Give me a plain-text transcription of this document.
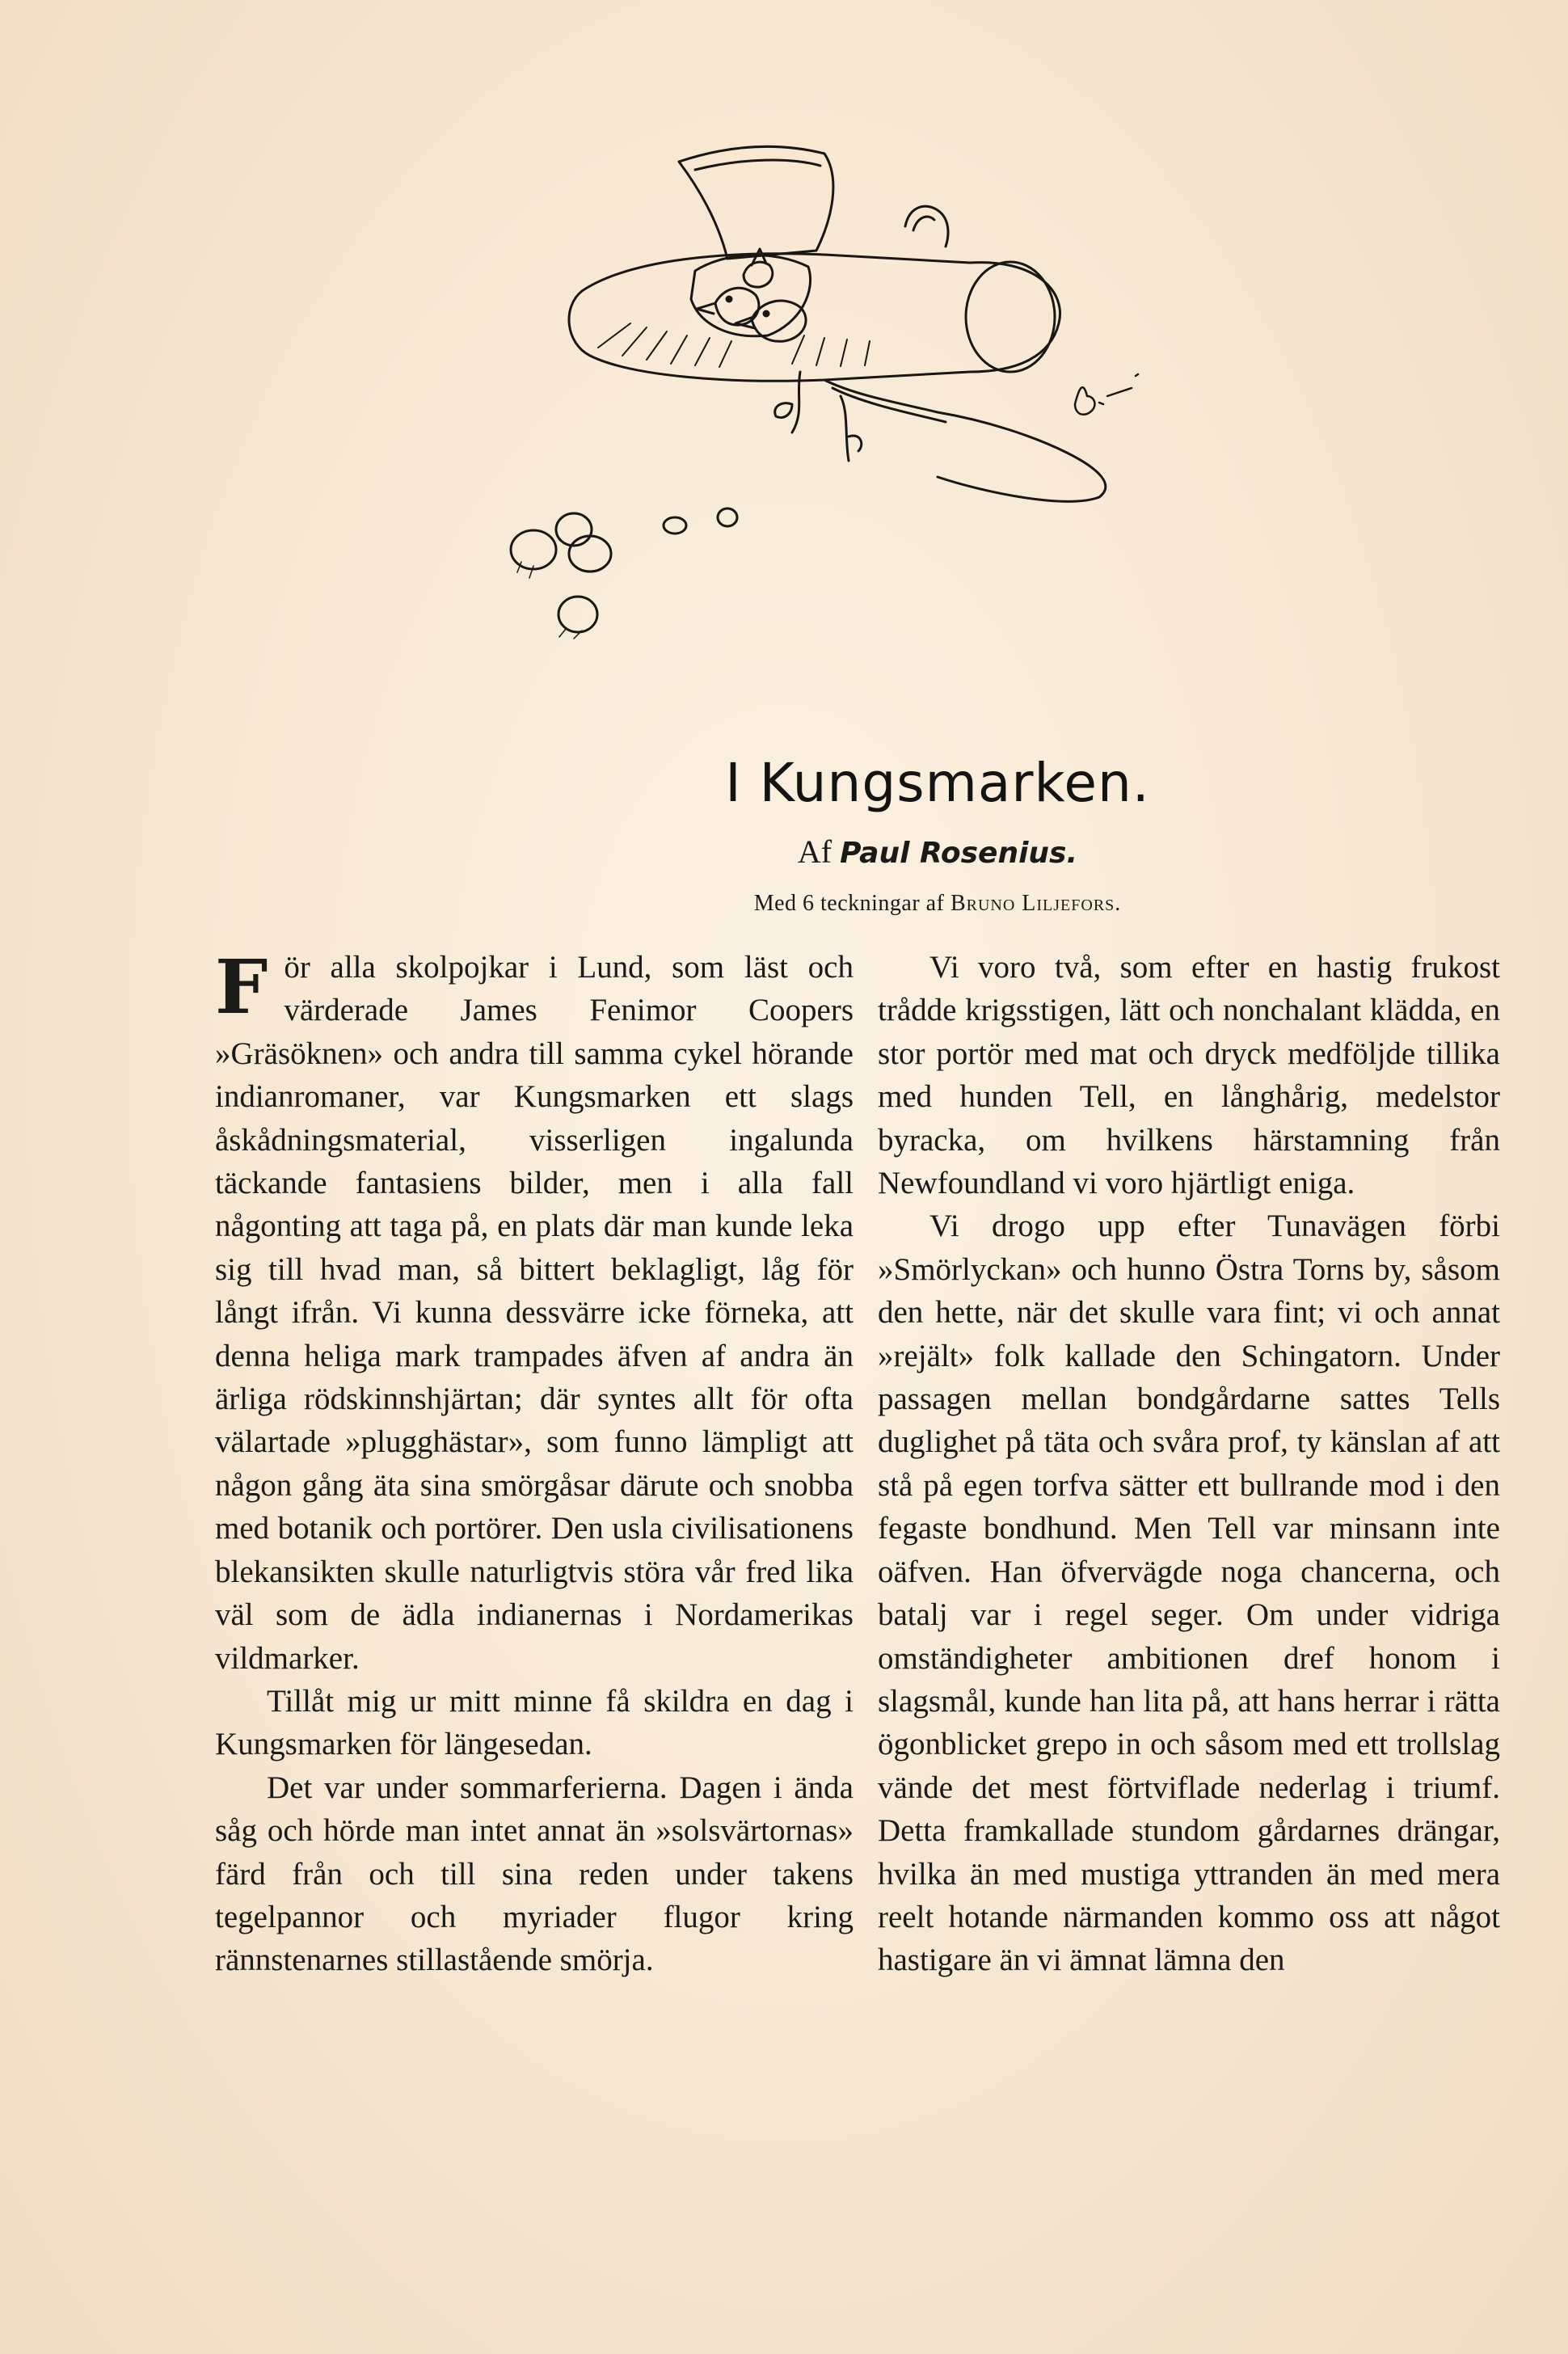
I Kungsmarken.
Af Paul Rosenius.
Med 6 teckningar af Bruno Liljefors.

För alla skolpojkar i Lund, som läst och värderade James Fenimor Coopers »Gräsöknen» och andra till samma cykel hörande indianromaner, var Kungsmarken ett slags åskådningsmaterial, visserligen ingalunda täckande fantasiens bilder, men i alla fall någonting att taga på, en plats där man kunde leka sig till hvad man, så bittert beklagligt, låg för långt ifrån. Vi kunna dessvärre icke förneka, att denna heliga mark trampades äfven af andra än ärliga rödskinnshjärtan; där syntes allt för ofta välartade »plugghästar», som funno lämpligt att någon gång äta sina smörgåsar därute och snobba med botanik och portörer. Den usla civilisationens blekansikten skulle naturligtvis störa vår fred lika väl som de ädla indianernas i Nordamerikas vildmarker.

Tillåt mig ur mitt minne få skildra en dag i Kungsmarken för längesedan.

Det var under sommarferierna. Dagen i ända såg och hörde man intet annat än »solsvärtornas» färd från och till sina reden under takens tegelpannor och myriader flugor kring rännstenarnes stillastående smörja.

Vi voro två, som efter en hastig frukost trådde krigsstigen, lätt och nonchalant klädda, en stor portör med mat och dryck medföljde tillika med hunden Tell, en långhårig, medelstor byracka, om hvilkens härstamning från Newfoundland vi voro hjärtligt eniga.

Vi drogo upp efter Tunavägen förbi »Smörlyckan» och hunno Östra Torns by, såsom den hette, när det skulle vara fint; vi och annat »rejält» folk kallade den Schingatorn. Under passagen mellan bondgårdarne sattes Tells duglighet på täta och svåra prof, ty känslan af att stå på egen torfva sätter ett bullrande mod i den fegaste bondhund. Men Tell var minsann inte oäfven. Han öfvervägde noga chancerna, och batalj var i regel seger. Om under vidriga omständigheter ambitionen dref honom i slagsmål, kunde han lita på, att hans herrar i rätta ögonblicket grepo in och såsom med ett trollslag vände det mest förtviflade nederlag i triumf. Detta framkallade stundom gårdarnes drängar, hvilka än med mustiga yttranden än med mera reelt hotande närmanden kommo oss att något hastigare än vi ämnat lämna den
